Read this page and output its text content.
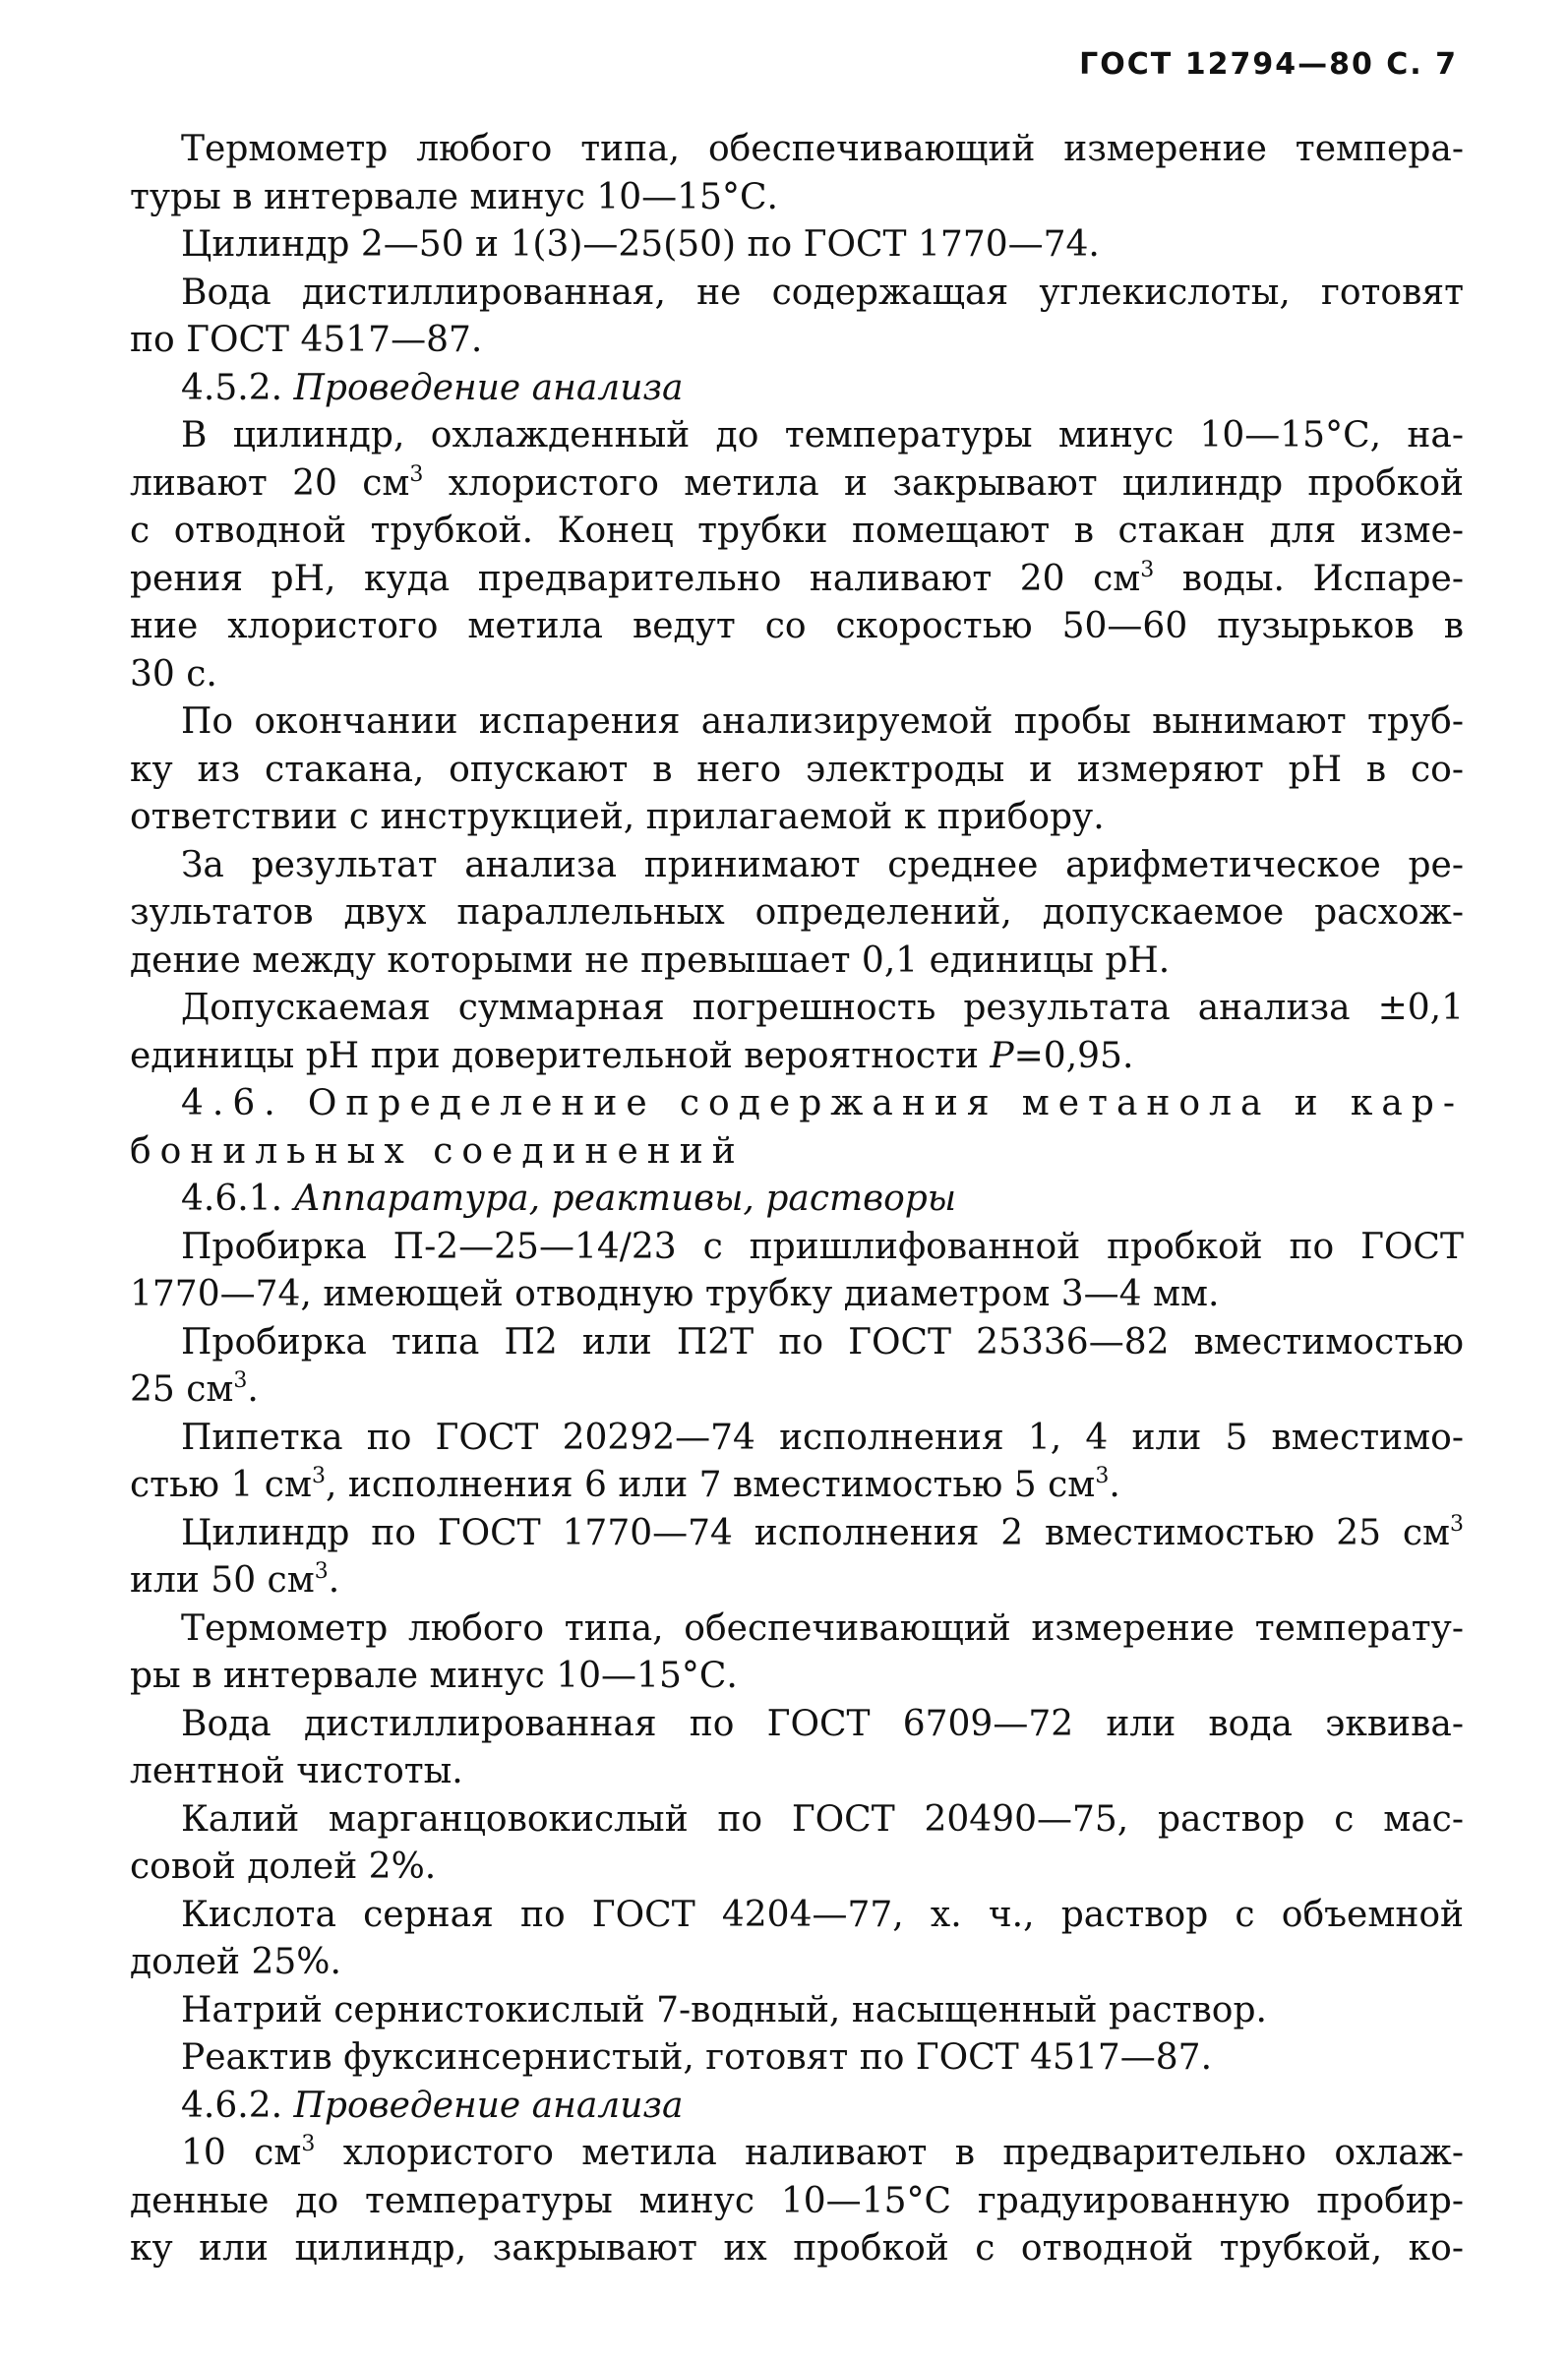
ГОСТ 12794—80 С. 7
Термометр любого типа, обеспечивающий измерение темпера-
туры в интервале минус 10—15°С.
Цилиндр 2—50 и 1(3)—25(50) по ГОСТ 1770—74.
Вода дистиллированная, не содержащая углекислоты, готовят
по ГОСТ 4517—87.
4.5.2. Проведение анализа
В цилиндр, охлажденный до температуры минус 10—15°С, на-
ливают 20 $см^3$ хлористого метила и закрывают цилиндр пробкой
с отводной трубкой. Конец трубки помещают в стакан для изме-
рения pH, куда предварительно наливают 20 $см^3$ воды. Испаре-
ние хлористого метила ведут со скоростью 50—60 пузырьков в
30 с.
По окончании испарения анализируемой пробы вынимают труб-
ку из стакана, опускают в него электроды и измеряют pH в со-
ответствии с инструкцией, прилагаемой к прибору.
За результат анализа принимают среднее арифметическое ре-
зультатов двух параллельных определений, допускаемое расхож-
дение между которыми не превышает 0,1 единицы pH.
Допускаемая суммарная погрешность результата анализа ±0,1
единицы pH при доверительной вероятности P=0,95.
4.6. Определение содержания метанола и кар-
бонильных соединений
4.6.1. Аппаратура, реактивы, растворы
Пробирка П-2—25—14/23 с пришлифованной пробкой по ГОСТ
1770—74, имеющей отводную трубку диаметром 3—4 мм.
Пробирка типа П2 или П2Т по ГОСТ 25336—82 вместимостью
25 $см^3$.
Пипетка по ГОСТ 20292—74 исполнения 1, 4 или 5 вместимо-
стью 1 $см^3$, исполнения 6 или 7 вместимостью 5 $см^3$.
Цилиндр по ГОСТ 1770—74 исполнения 2 вместимостью 25 $см^3$
или 50 $см^3$.
Термометр любого типа, обеспечивающий измерение температу-
ры в интервале минус 10—15°С.
Вода дистиллированная по ГОСТ 6709—72 или вода эквива-
лентной чистоты.
Калий марганцовокислый по ГОСТ 20490—75, раствор с мас-
совой долей 2%.
Кислота серная по ГОСТ 4204—77, х. ч., раствор с объемной
долей 25%.
Натрий сернистокислый 7-водный, насыщенный раствор.
Реактив фуксинсернистый, готовят по ГОСТ 4517—87.
4.6.2. Проведение анализа
10 $см^3$ хлористого метила наливают в предварительно охлаж-
денные до температуры минус 10—15°С градуированную пробир-
ку или цилиндр, закрывают их пробкой с отводной трубкой, ко-
